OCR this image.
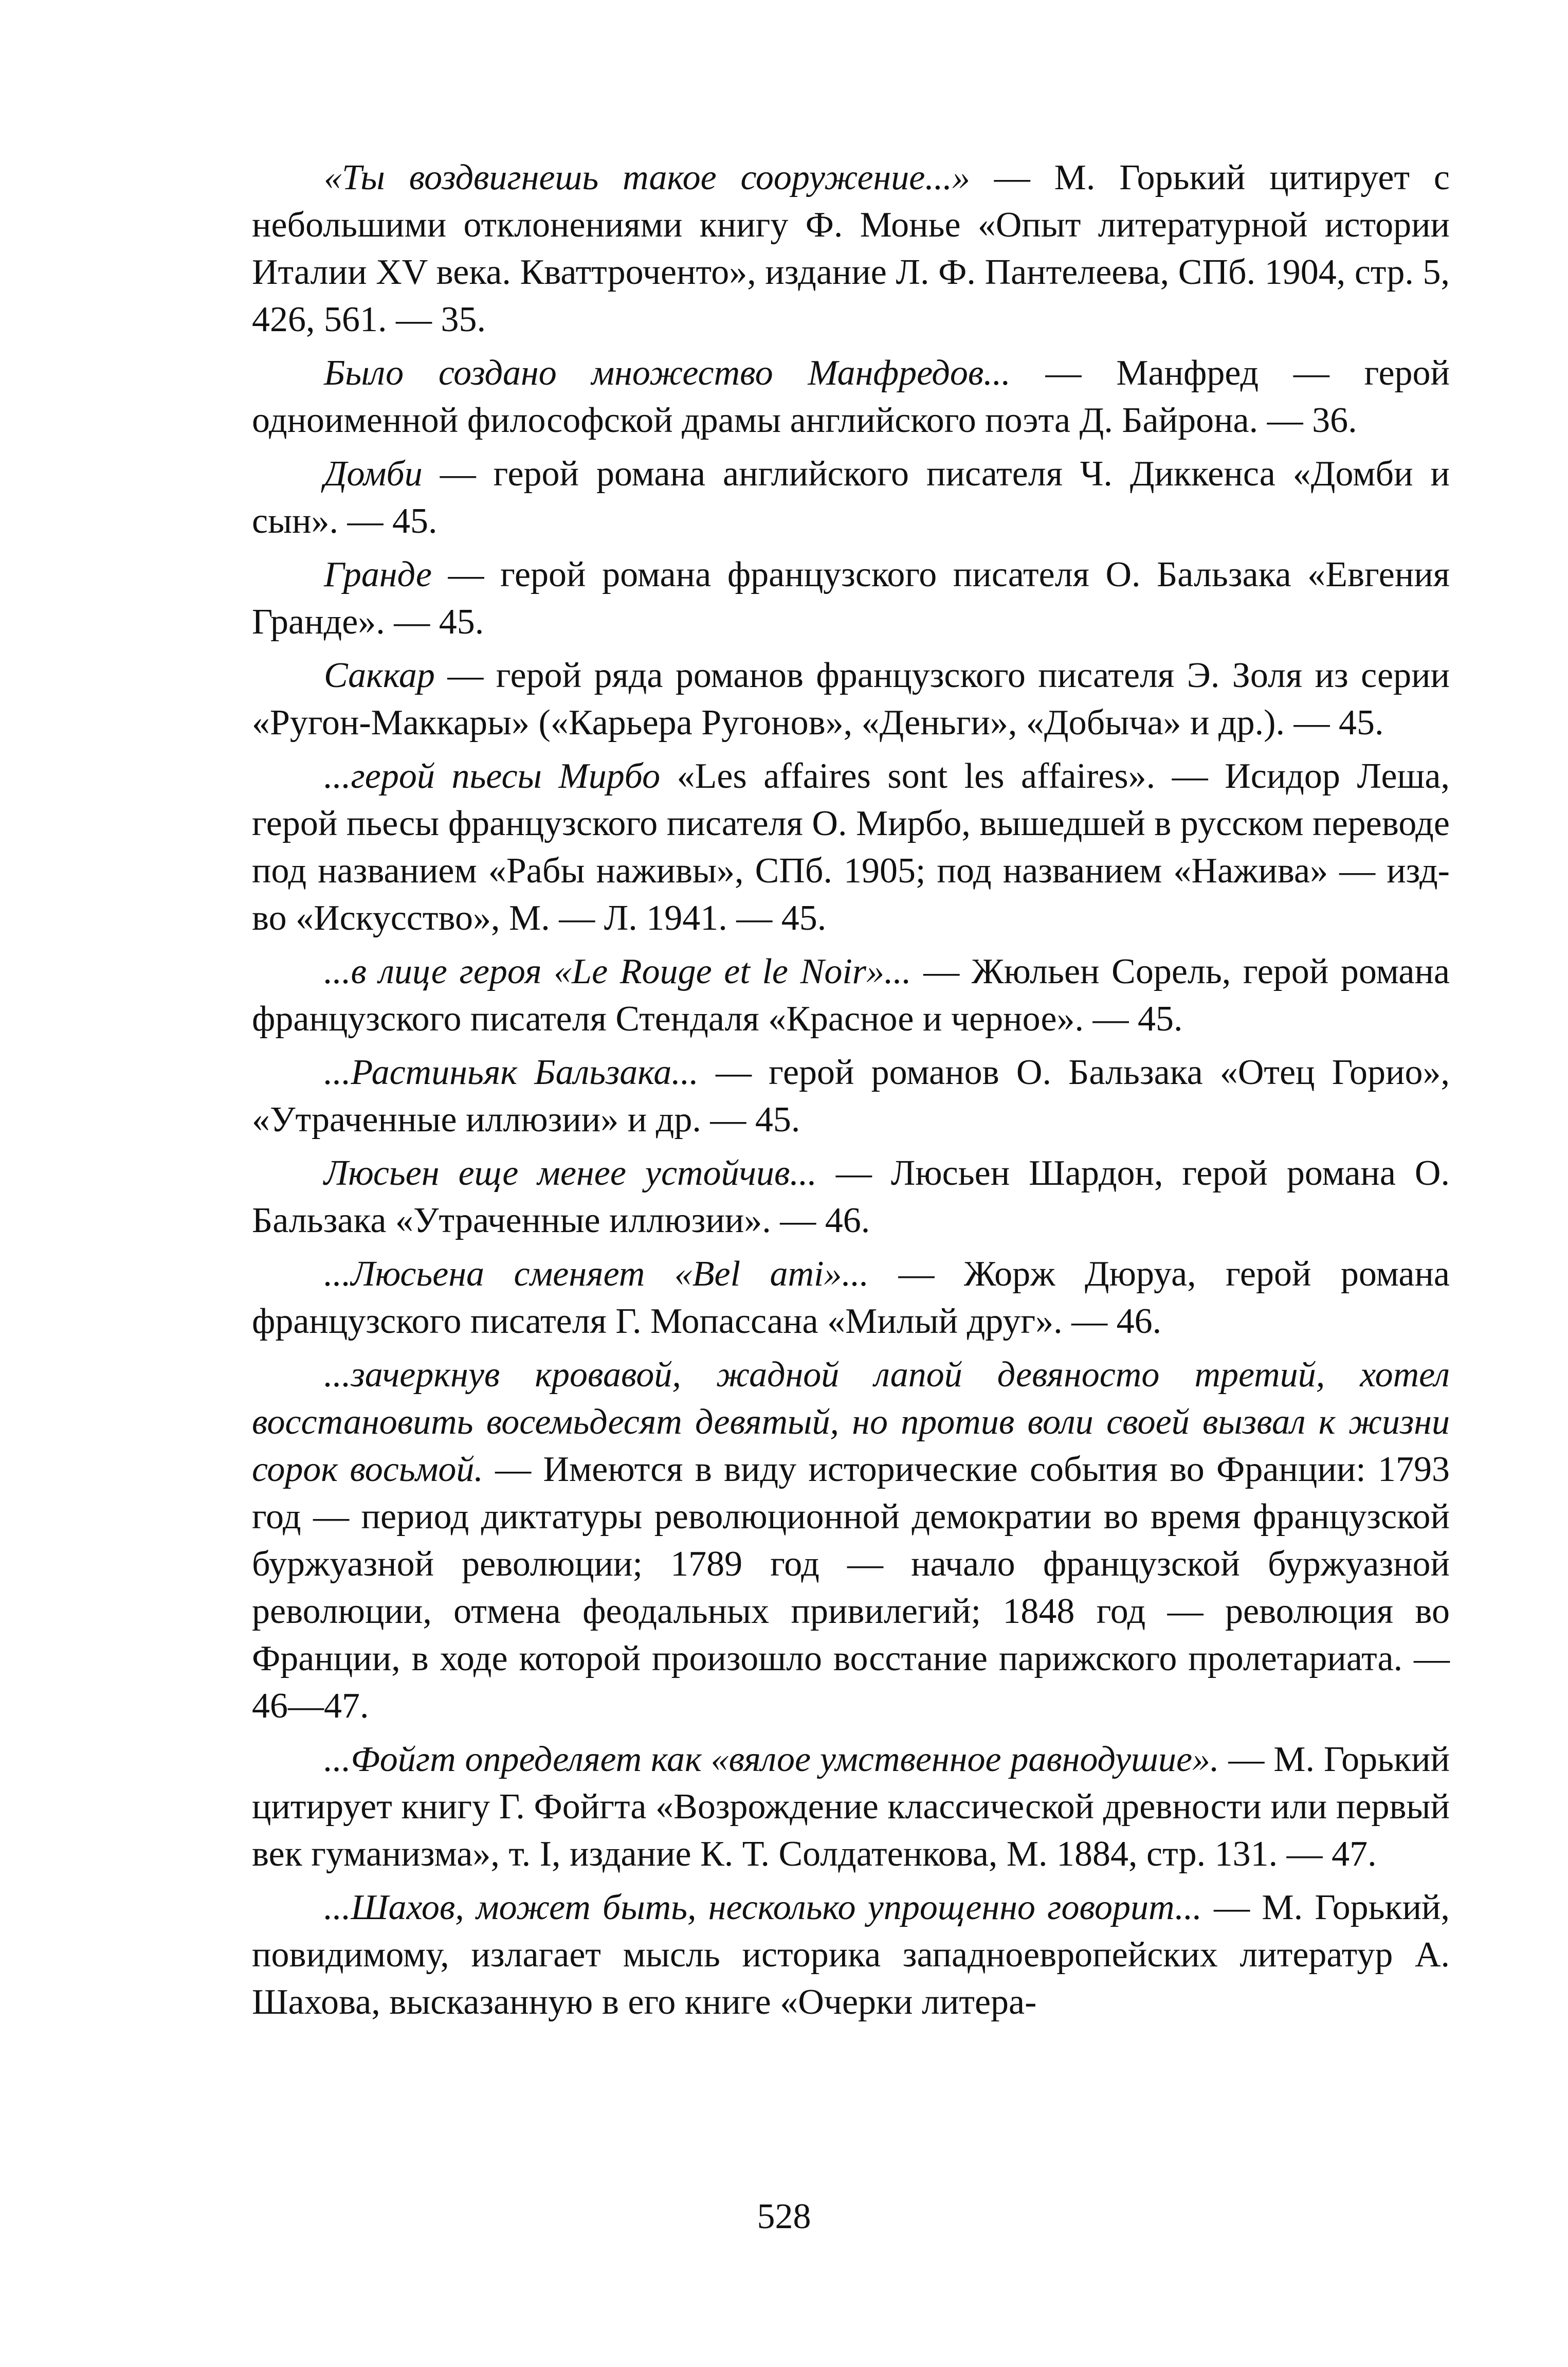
«Ты воздвигнешь такое сооружение...» — М. Горький цитирует с небольшими отклонениями книгу Ф. Монье «Опыт литературной истории Италии XV века. Кваттроченто», издание Л. Ф. Пантелеева, СПб. 1904, стр. 5, 426, 561. — 35.

Было создано множество Манфредов... — Манфред — герой одноименной философской драмы английского поэта Д. Байрона. — 36.

Домби — герой романа английского писателя Ч. Диккенса «Домби и сын». — 45.

Гранде — герой романа французского писателя О. Бальзака «Евгения Гранде». — 45.

Саккар — герой ряда романов французского писателя Э. Золя из серии «Ругон-Маккары» («Карьера Ругонов», «Деньги», «Добыча» и др.). — 45.

...герой пьесы Мирбо «Les affaires sont les affaires». — Исидор Леша, герой пьесы французского писателя О. Мирбо, вышедшей в русском переводе под названием «Рабы наживы», СПб. 1905; под названием «Нажива» — изд-во «Искусство», М. — Л. 1941. — 45.

...в лице героя «Le Rouge et le Noir»... — Жюльен Сорель, герой романа французского писателя Стендаля «Красное и черное». — 45.

...Растиньяк Бальзака... — герой романов О. Бальзака «Отец Горио», «Утраченные иллюзии» и др. — 45.

Люсьен еще менее устойчив... — Люсьен Шардон, герой романа О. Бальзака «Утраченные иллюзии». — 46.

...Люсьена сменяет «Bel ami»... — Жорж Дюруа, герой романа французского писателя Г. Мопассана «Милый друг». — 46.

...зачеркнув кровавой, жадной лапой девяносто третий, хотел восстановить восемьдесят девятый, но против воли своей вызвал к жизни сорок восьмой. — Имеются в виду исторические события во Франции: 1793 год — период диктатуры революционной демократии во время французской буржуазной революции; 1789 год — начало французской буржуазной революции, отмена феодальных привилегий; 1848 год — революция во Франции, в ходе которой произошло восстание парижского пролетариата. — 46—47.

...Фойгт определяет как «вялое умственное равнодушие». — М. Горький цитирует книгу Г. Фойгта «Возрождение классической древности или первый век гуманизма», т. I, издание К. Т. Солдатенкова, М. 1884, стр. 131. — 47.

...Шахов, может быть, несколько упрощенно говорит... — М. Горький, повидимому, излагает мысль историка западноевропейских литератур А. Шахова, высказанную в его книге «Очерки литера-

528
